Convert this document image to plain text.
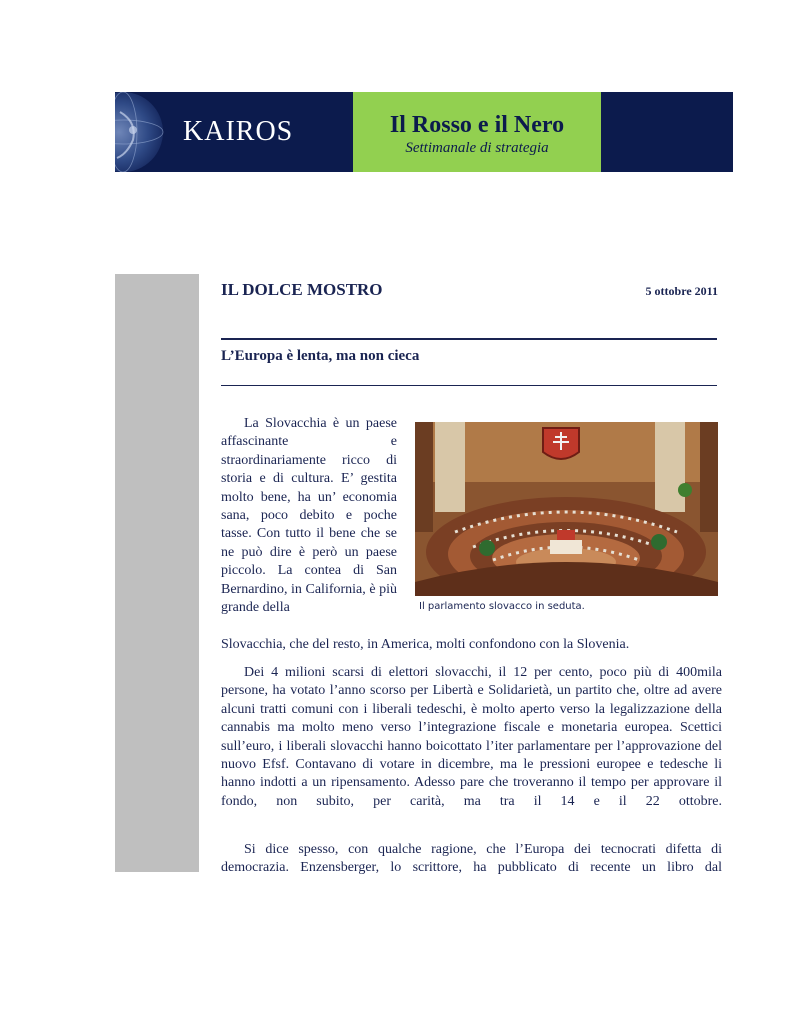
KAIROS	Il Rosso e il Nero
Settimanale di strategia
IL DOLCE MOSTRO	5 ottobre 2011
L’Europa è lenta, ma non cieca
Il parlamento slovacco in seduta.
La Slovacchia è un paese affascinante e straordinariamente ricco di storia e di cultura. E’ gestita molto bene, ha un’ economia sana, poco debito e poche tasse. Con tutto il bene che se ne può dire è però un paese piccolo. La contea di San Bernardino, in California, è più grande della
Slovacchia, che del resto, in America, molti confondono con la Slovenia.
Dei 4 milioni scarsi di elettori slovacchi, il 12 per cento, poco più di 400mila persone, ha votato l’anno scorso per Libertà e Solidarietà, un partito che, oltre ad avere alcuni tratti comuni con i liberali tedeschi, è molto aperto verso la legalizzazione della cannabis ma molto meno verso l’integrazione fiscale e monetaria europea. Scettici sull’euro, i liberali slovacchi hanno boicottato l’iter parlamentare per l’approvazione del nuovo Efsf. Contavano di votare in dicembre, ma le pressioni europee e tedesche li hanno indotti a un ripensamento. Adesso pare che troveranno il tempo per approvare il fondo, non subito, per carità, ma tra il 14 e il 22 ottobre.
Si dice spesso, con qualche ragione, che l’Europa dei tecnocrati difetta di democrazia. Enzensberger, lo scrittore, ha pubblicato di recente un libro dal
